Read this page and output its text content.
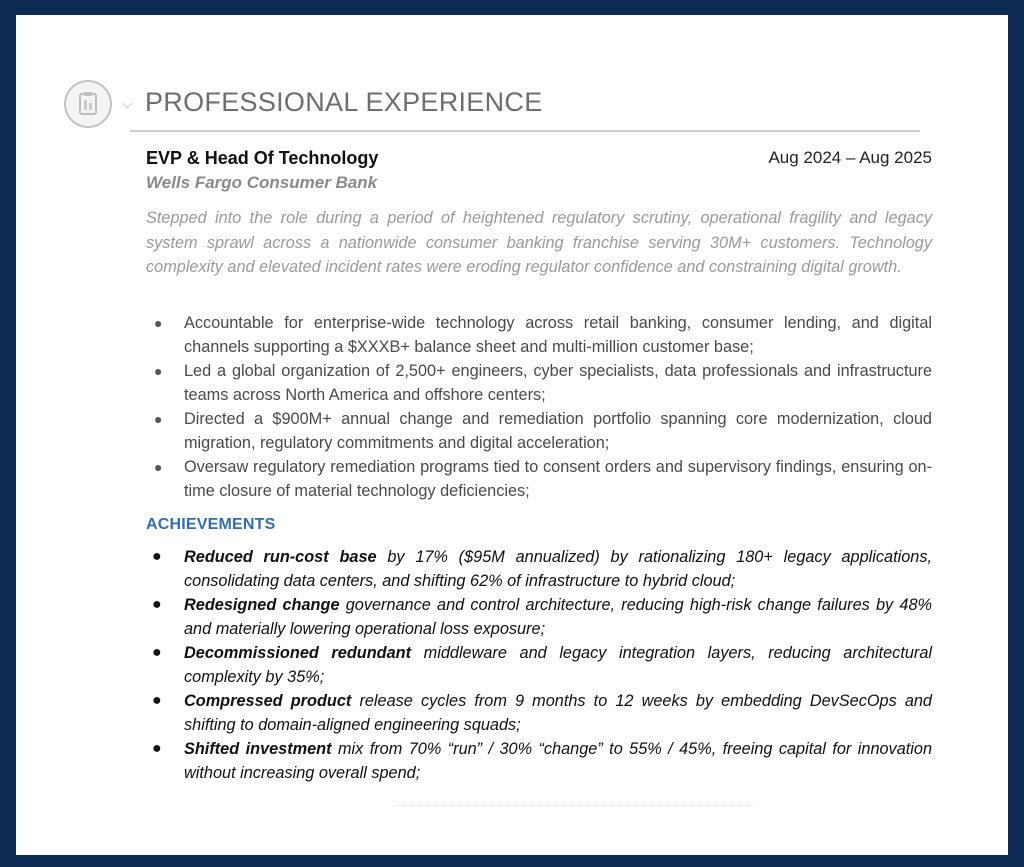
PROFESSIONAL EXPERIENCE
EVP & Head Of Technology	Aug 2024 – Aug 2025
Wells Fargo Consumer Bank

Stepped into the role during a period of heightened regulatory scrutiny, operational fragility and legacy system sprawl across a nationwide consumer banking franchise serving 30M+ customers. Technology complexity and elevated incident rates were eroding regulator confidence and constraining digital growth.

● Accountable for enterprise-wide technology across retail banking, consumer lending, and digital channels supporting a $XXXB+ balance sheet and multi-million customer base;
● Led a global organization of 2,500+ engineers, cyber specialists, data professionals and infrastructure teams across North America and offshore centers;
● Directed a $900M+ annual change and remediation portfolio spanning core modernization, cloud migration, regulatory commitments and digital acceleration;
● Oversaw regulatory remediation programs tied to consent orders and supervisory findings, ensuring on-time closure of material technology deficiencies;
ACHIEVEMENTS
● Reduced run-cost base by 17% ($95M annualized) by rationalizing 180+ legacy applications, consolidating data centers, and shifting 62% of infrastructure to hybrid cloud;
● Redesigned change governance and control architecture, reducing high-risk change failures by 48% and materially lowering operational loss exposure;
● Decommissioned redundant middleware and legacy integration layers, reducing architectural complexity by 35%;
● Compressed product release cycles from 9 months to 12 weeks by embedding DevSecOps and shifting to domain-aligned engineering squads;
● Shifted investment mix from 70% “run” / 30% “change” to 55% / 45%, freeing capital for innovation without increasing overall spend;
